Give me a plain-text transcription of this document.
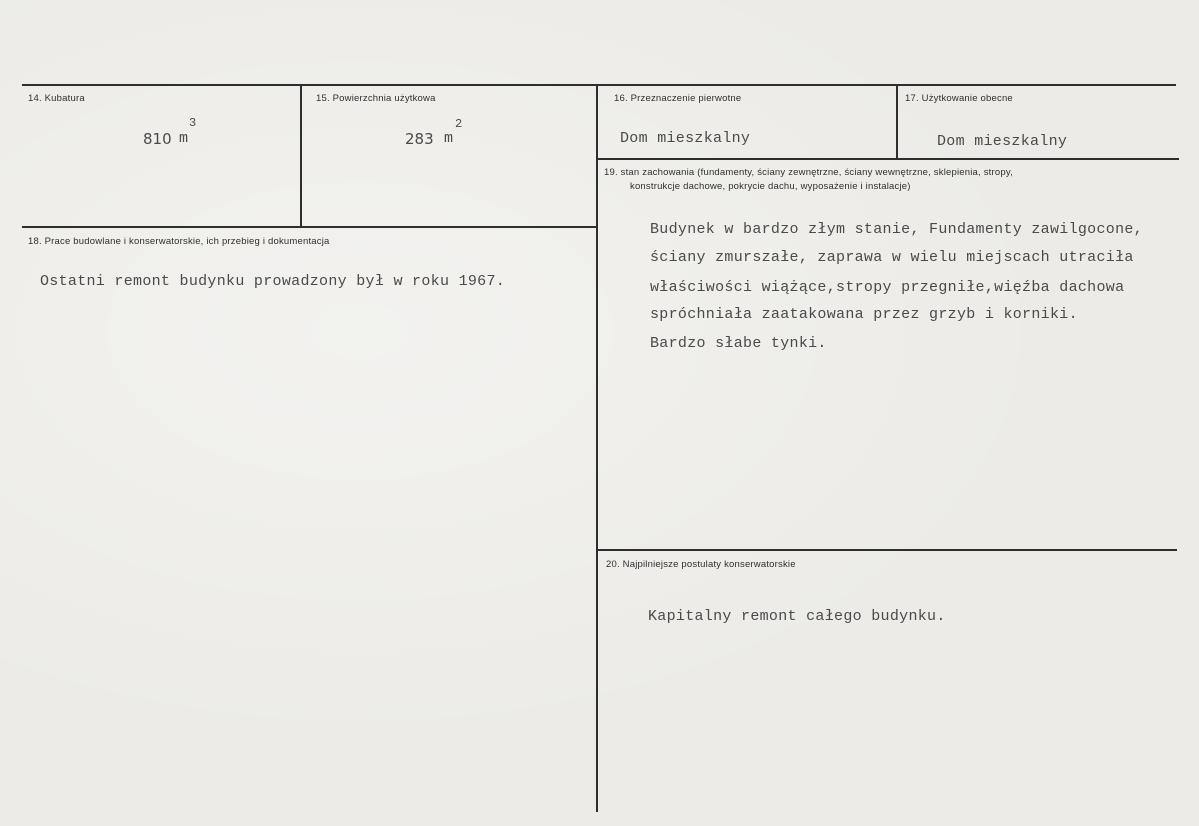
14. Kubatura
810 m
3
15. Powierzchnia użytkowa
283 m
2
16. Przeznaczenie pierwotne
Dom mieszkalny
17. Użytkowanie obecne
Dom mieszkalny
18. Prace budowlane i konserwatorskie, ich przebieg i dokumentacja
Ostatni remont budynku prowadzony był w roku 1967.
19. stan zachowania (fundamenty, ściany zewnętrzne, ściany wewnętrzne, sklepienia, stropy,
konstrukcje dachowe, pokrycie dachu, wyposażenie i instalacje)
Budynek w bardzo złym stanie, Fundamenty zawilgocone,
ściany zmurszałe, zaprawa w wielu miejscach utraciła
właściwości wiążące,stropy przegniłe,więźba dachowa
spróchniała zaatakowana przez grzyb i korniki.
Bardzo słabe tynki.
20. Najpilniejsze postulaty konserwatorskie
Kapitalny remont całego budynku.
